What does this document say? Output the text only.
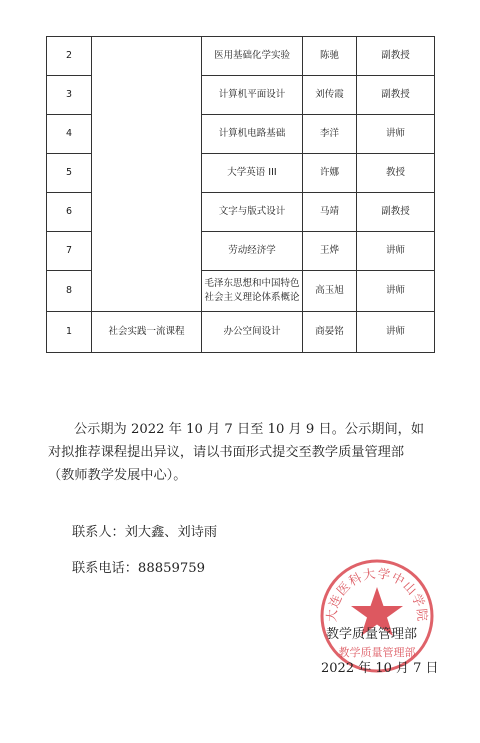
2		医用基础化学实验	陈驰	副教授
3		计算机平面设计	刘传霞	副教授
4		计算机电路基础	李洋	讲师
5		大学英语 III	许娜	教授
6		文字与版式设计	马靖	副教授
7		劳动经济学	王烨	讲师
8		毛泽东思想和中国特色
社会主义理论体系概论	高玉旭	讲师
1	社会实践一流课程	办公空间设计	商晏铭	讲师
公示期为 2022 年 10 月 7 日至 10 月 9 日。公示期间，如对拟推荐课程提出异议，请以书面形式提交至教学质量管理部（教师教学发展中心）。
联系人：刘大鑫、刘诗雨
联系电话：88859759
大连医科大学中山学院
教学质量管理部
教学质量管理部
2022 年 10 月 7 日
